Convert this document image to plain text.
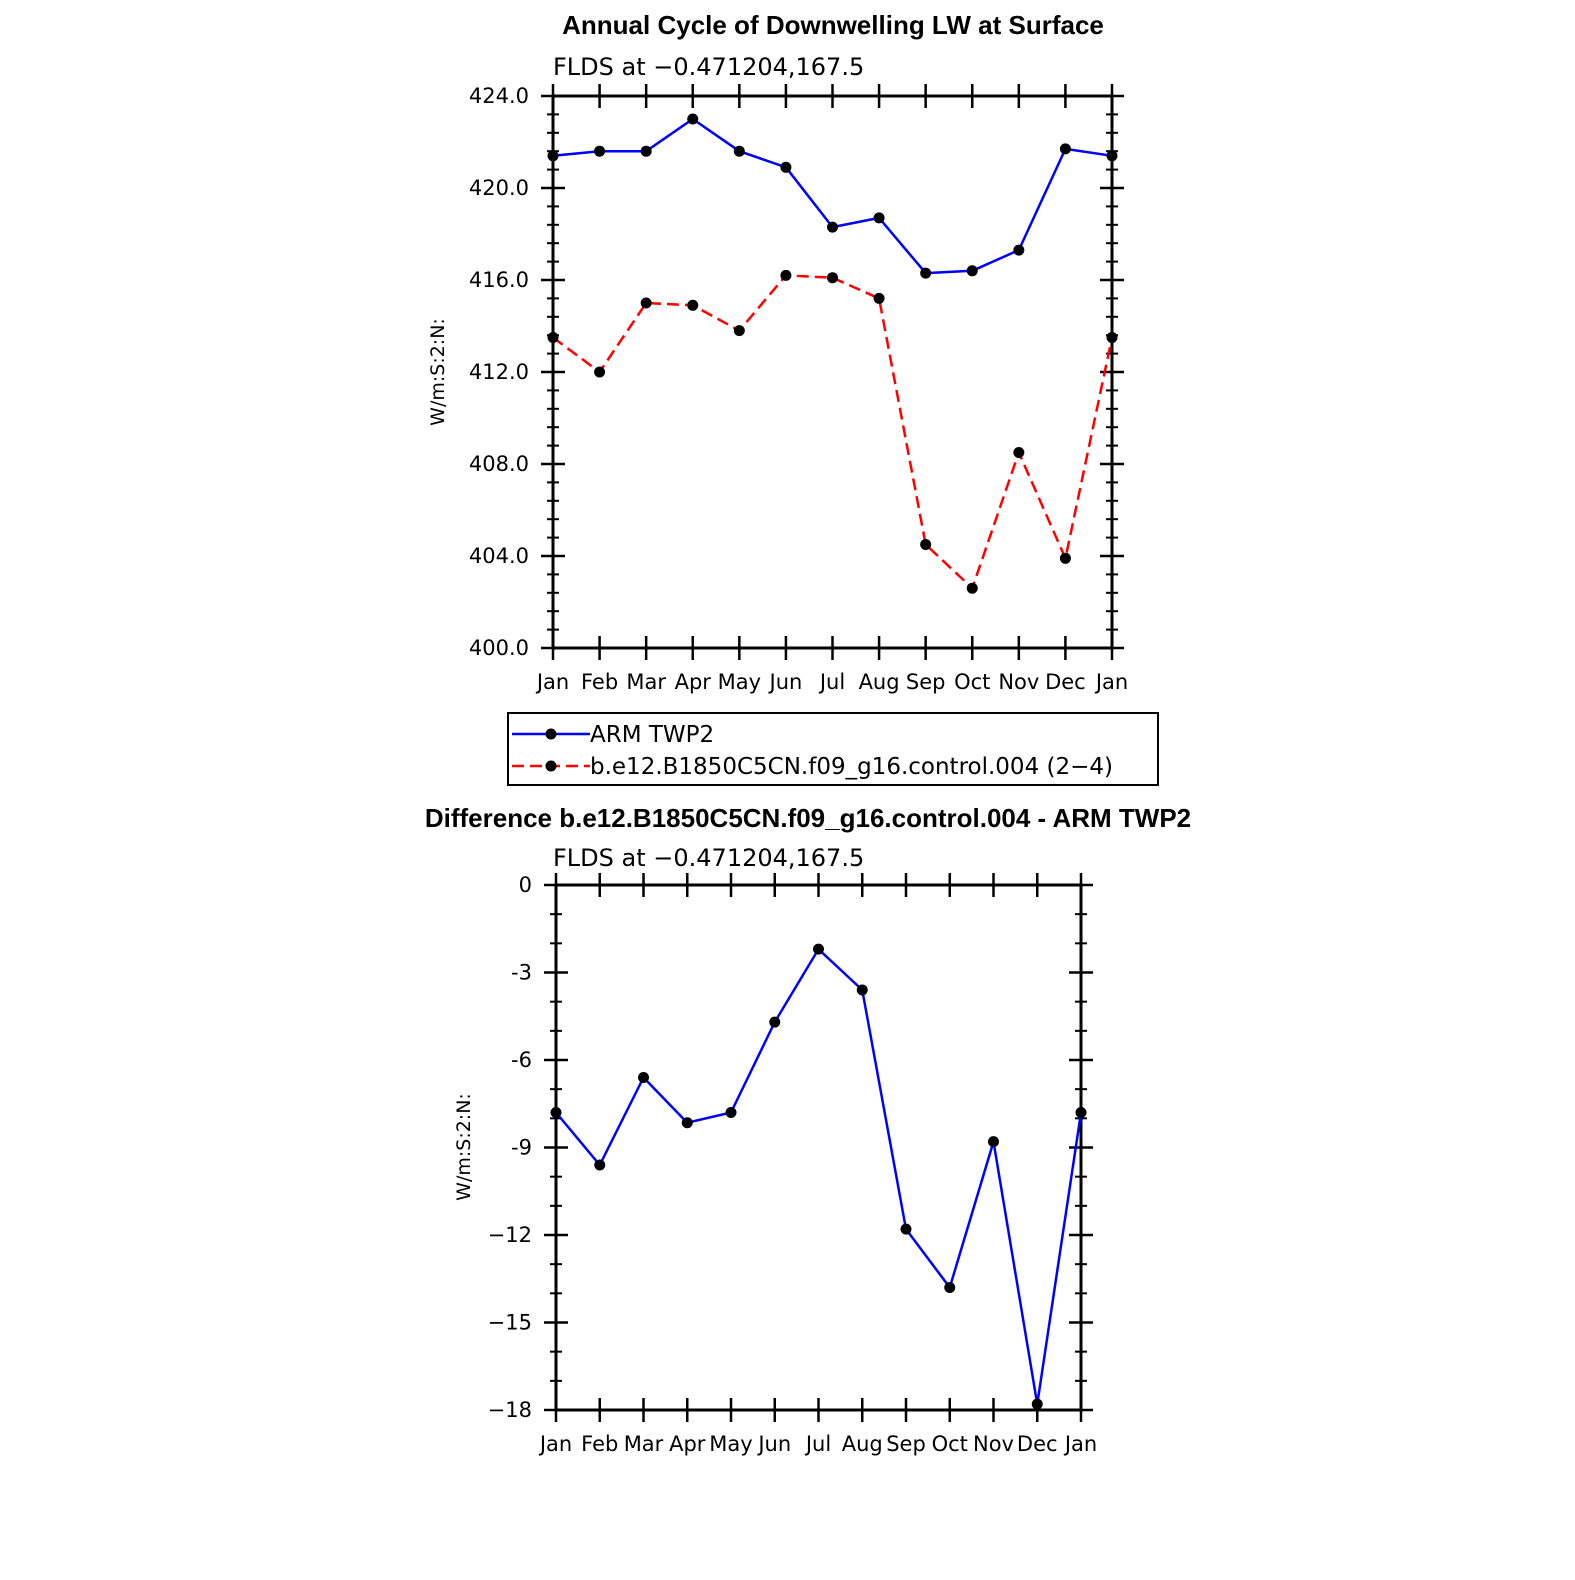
Annual Cycle of Downwelling LW at Surface
FLDS at −0.471204,167.5
400.0
404.0
408.0
412.0
416.0
420.0
424.0
Jan Feb Mar Apr May Jun Jul Aug Sep Oct Nov Dec Jan
W/m:S:2:N:
ARM TWP2
b.e12.B1850C5CN.f09_g16.control.004 (2−4)
Difference b.e12.B1850C5CN.f09_g16.control.004 - ARM TWP2
FLDS at −0.471204,167.5
−18
−15
−12
-9
-6
-3
0
Jan Feb Mar Apr May Jun Jul Aug Sep Oct Nov Dec Jan
W/m:S:2:N:
